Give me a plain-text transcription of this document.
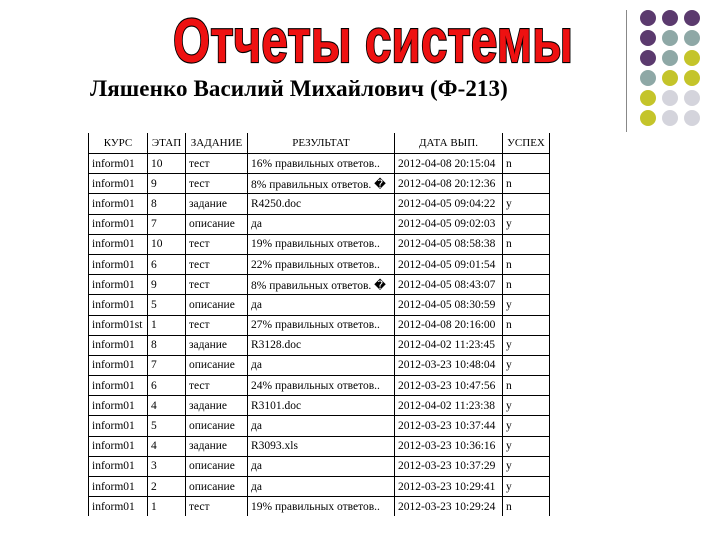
Отчеты системы
Ляшенко Василий Михайлович (Ф-213)
КУРС	ЭТАП	ЗАДАНИЕ	РЕЗУЛЬТАТ	ДАТА ВЫП.	УСПЕХ
inform01	10	тест	16% правильных ответов..	2012-04-08 20:15:04	n
inform01	9	тест	8% правильных ответов. �	2012-04-08 20:12:36	n
inform01	8	задание	R4250.doc	2012-04-05 09:04:22	y
inform01	7	описание	да	2012-04-05 09:02:03	y
inform01	10	тест	19% правильных ответов..	2012-04-05 08:58:38	n
inform01	6	тест	22% правильных ответов..	2012-04-05 09:01:54	n
inform01	9	тест	8% правильных ответов. �	2012-04-05 08:43:07	n
inform01	5	описание	да	2012-04-05 08:30:59	y
inform01st	1	тест	27% правильных ответов..	2012-04-08 20:16:00	n
inform01	8	задание	R3128.doc	2012-04-02 11:23:45	y
inform01	7	описание	да	2012-03-23 10:48:04	y
inform01	6	тест	24% правильных ответов..	2012-03-23 10:47:56	n
inform01	4	задание	R3101.doc	2012-04-02 11:23:38	y
inform01	5	описание	да	2012-03-23 10:37:44	y
inform01	4	задание	R3093.xls	2012-03-23 10:36:16	y
inform01	3	описание	да	2012-03-23 10:37:29	y
inform01	2	описание	да	2012-03-23 10:29:41	y
inform01	1	тест	19% правильных ответов..	2012-03-23 10:29:24	n
